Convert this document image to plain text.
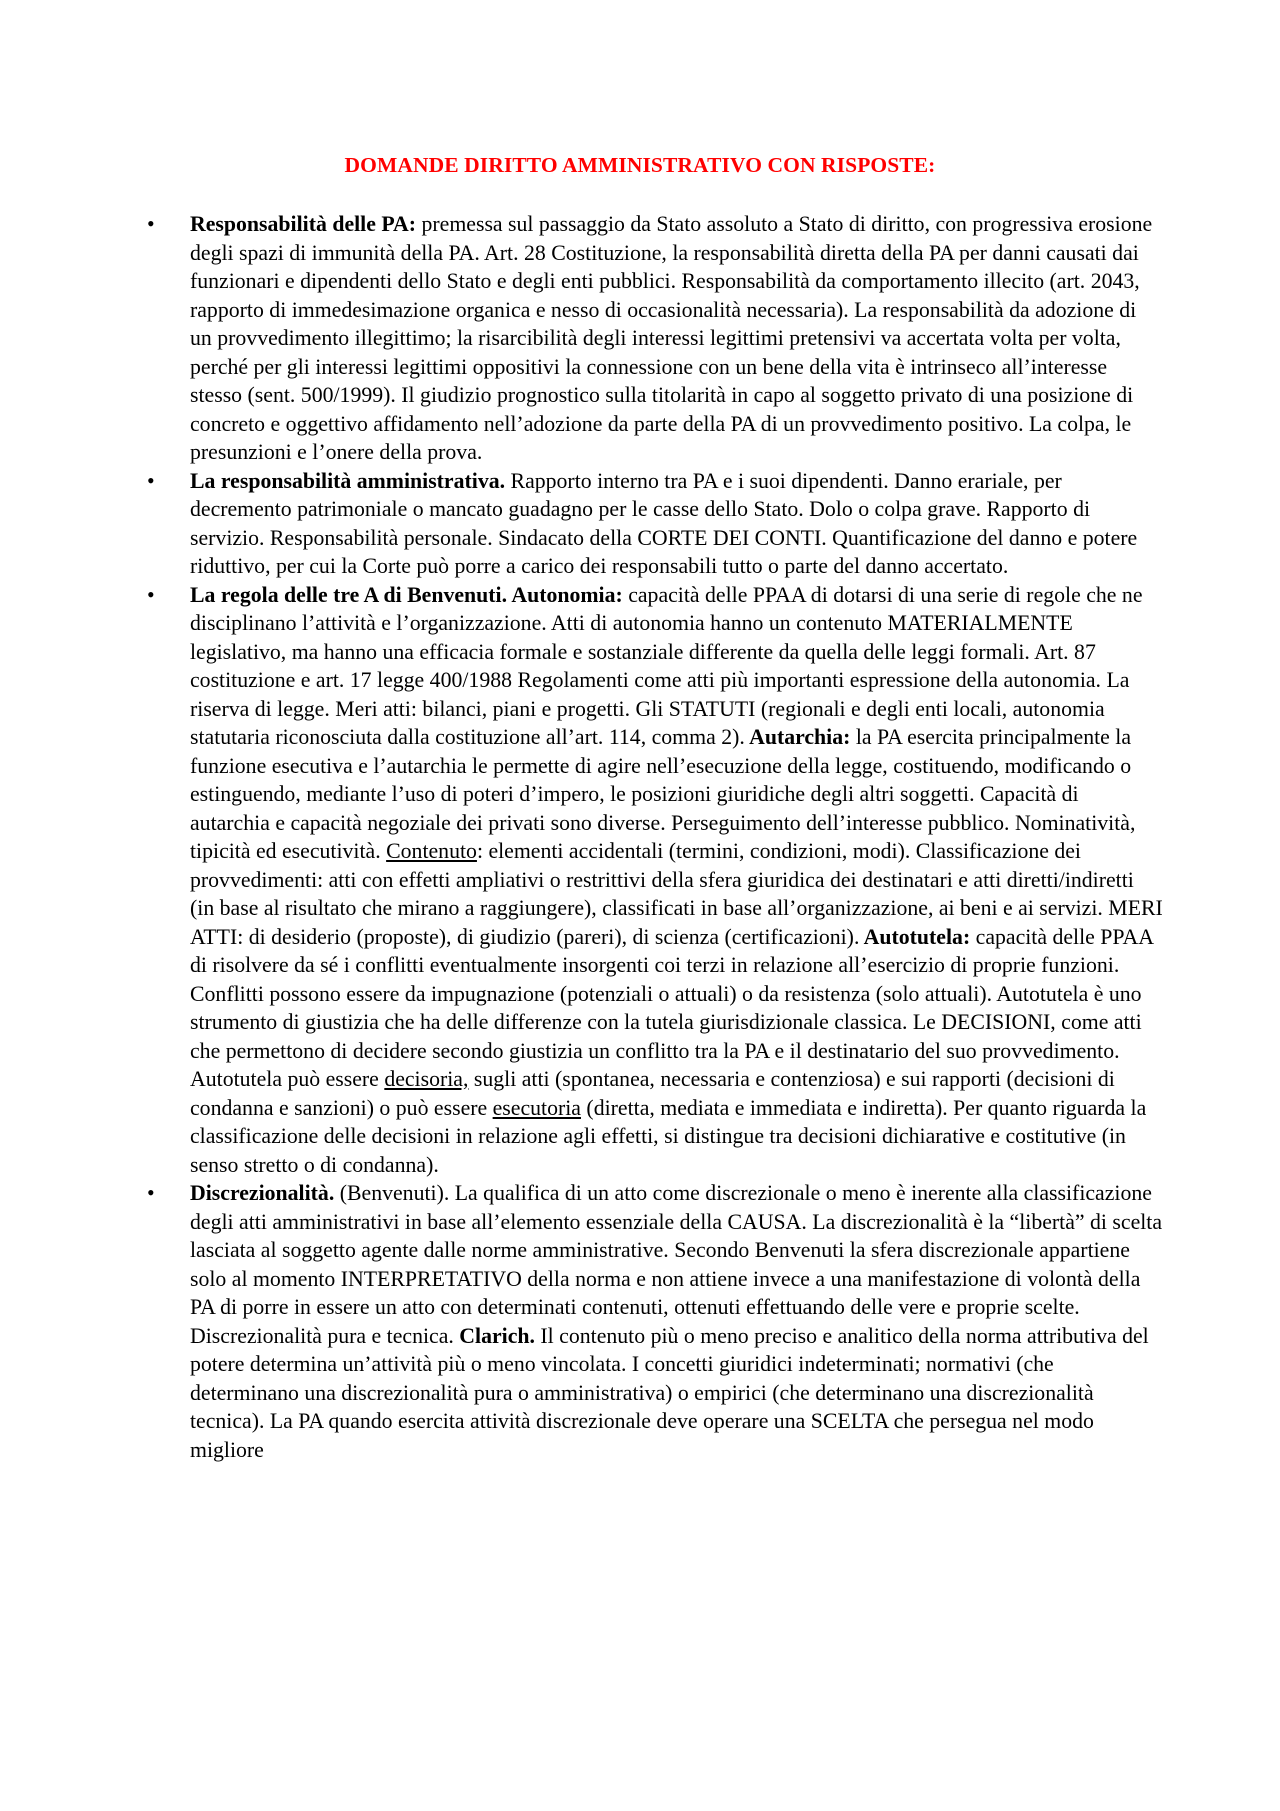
DOMANDE DIRITTO AMMINISTRATIVO CON RISPOSTE:
• Responsabilità delle PA: premessa sul passaggio da Stato assoluto a Stato di diritto, con progressiva erosione degli spazi di immunità della PA. Art. 28 Costituzione, la responsabilità diretta della PA per danni causati dai funzionari e dipendenti dello Stato e degli enti pubblici. Responsabilità da comportamento illecito (art. 2043, rapporto di immedesimazione organica e nesso di occasionalità necessaria). La responsabilità da adozione di un provvedimento illegittimo; la risarcibilità degli interessi legittimi pretensivi va accertata volta per volta, perché per gli interessi legittimi oppositivi la connessione con un bene della vita è intrinseco all’interesse stesso (sent. 500/1999). Il giudizio prognostico sulla titolarità in capo al soggetto privato di una posizione di concreto e oggettivo affidamento nell’adozione da parte della PA di un provvedimento positivo. La colpa, le presunzioni e l’onere della prova.
• La responsabilità amministrativa. Rapporto interno tra PA e i suoi dipendenti. Danno erariale, per decremento patrimoniale o mancato guadagno per le casse dello Stato. Dolo o colpa grave. Rapporto di servizio. Responsabilità personale. Sindacato della CORTE DEI CONTI. Quantificazione del danno e potere riduttivo, per cui la Corte può porre a carico dei responsabili tutto o parte del danno accertato.
• La regola delle tre A di Benvenuti. Autonomia: capacità delle PPAA di dotarsi di una serie di regole che ne disciplinano l’attività e l’organizzazione. Atti di autonomia hanno un contenuto MATERIALMENTE legislativo, ma hanno una efficacia formale e sostanziale differente da quella delle leggi formali. Art. 87 costituzione e art. 17 legge 400/1988 Regolamenti come atti più importanti espressione della autonomia. La riserva di legge. Meri atti: bilanci, piani e progetti. Gli STATUTI (regionali e degli enti locali, autonomia statutaria riconosciuta dalla costituzione all’art. 114, comma 2). Autarchia: la PA esercita principalmente la funzione esecutiva e l’autarchia le permette di agire nell’esecuzione della legge, costituendo, modificando o estinguendo, mediante l’uso di poteri d’impero, le posizioni giuridiche degli altri soggetti. Capacità di autarchia e capacità negoziale dei privati sono diverse. Perseguimento dell’interesse pubblico. Nominatività, tipicità ed esecutività. Contenuto: elementi accidentali (termini, condizioni, modi). Classificazione dei provvedimenti: atti con effetti ampliativi o restrittivi della sfera giuridica dei destinatari e atti diretti/indiretti (in base al risultato che mirano a raggiungere), classificati in base all’organizzazione, ai beni e ai servizi. MERI ATTI: di desiderio (proposte), di giudizio (pareri), di scienza (certificazioni). Autotutela: capacità delle PPAA di risolvere da sé i conflitti eventualmente insorgenti coi terzi in relazione all’esercizio di proprie funzioni. Conflitti possono essere da impugnazione (potenziali o attuali) o da resistenza (solo attuali). Autotutela è uno strumento di giustizia che ha delle differenze con la tutela giurisdizionale classica. Le DECISIONI, come atti che permettono di decidere secondo giustizia un conflitto tra la PA e il destinatario del suo provvedimento. Autotutela può essere decisoria, sugli atti (spontanea, necessaria e contenziosa) e sui rapporti (decisioni di condanna e sanzioni) o può essere esecutoria (diretta, mediata e immediata e indiretta). Per quanto riguarda la classificazione delle decisioni in relazione agli effetti, si distingue tra decisioni dichiarative e costitutive (in senso stretto o di condanna).
• Discrezionalità. (Benvenuti). La qualifica di un atto come discrezionale o meno è inerente alla classificazione degli atti amministrativi in base all’elemento essenziale della CAUSA. La discrezionalità è la “libertà” di scelta lasciata al soggetto agente dalle norme amministrative. Secondo Benvenuti la sfera discrezionale appartiene solo al momento INTERPRETATIVO della norma e non attiene invece a una manifestazione di volontà della PA di porre in essere un atto con determinati contenuti, ottenuti effettuando delle vere e proprie scelte. Discrezionalità pura e tecnica. Clarich. Il contenuto più o meno preciso e analitico della norma attributiva del potere determina un’attività più o meno vincolata. I concetti giuridici indeterminati; normativi (che determinano una discrezionalità pura o amministrativa) o empirici (che determinano una discrezionalità tecnica). La PA quando esercita attività discrezionale deve operare una SCELTA che persegua nel modo migliore
